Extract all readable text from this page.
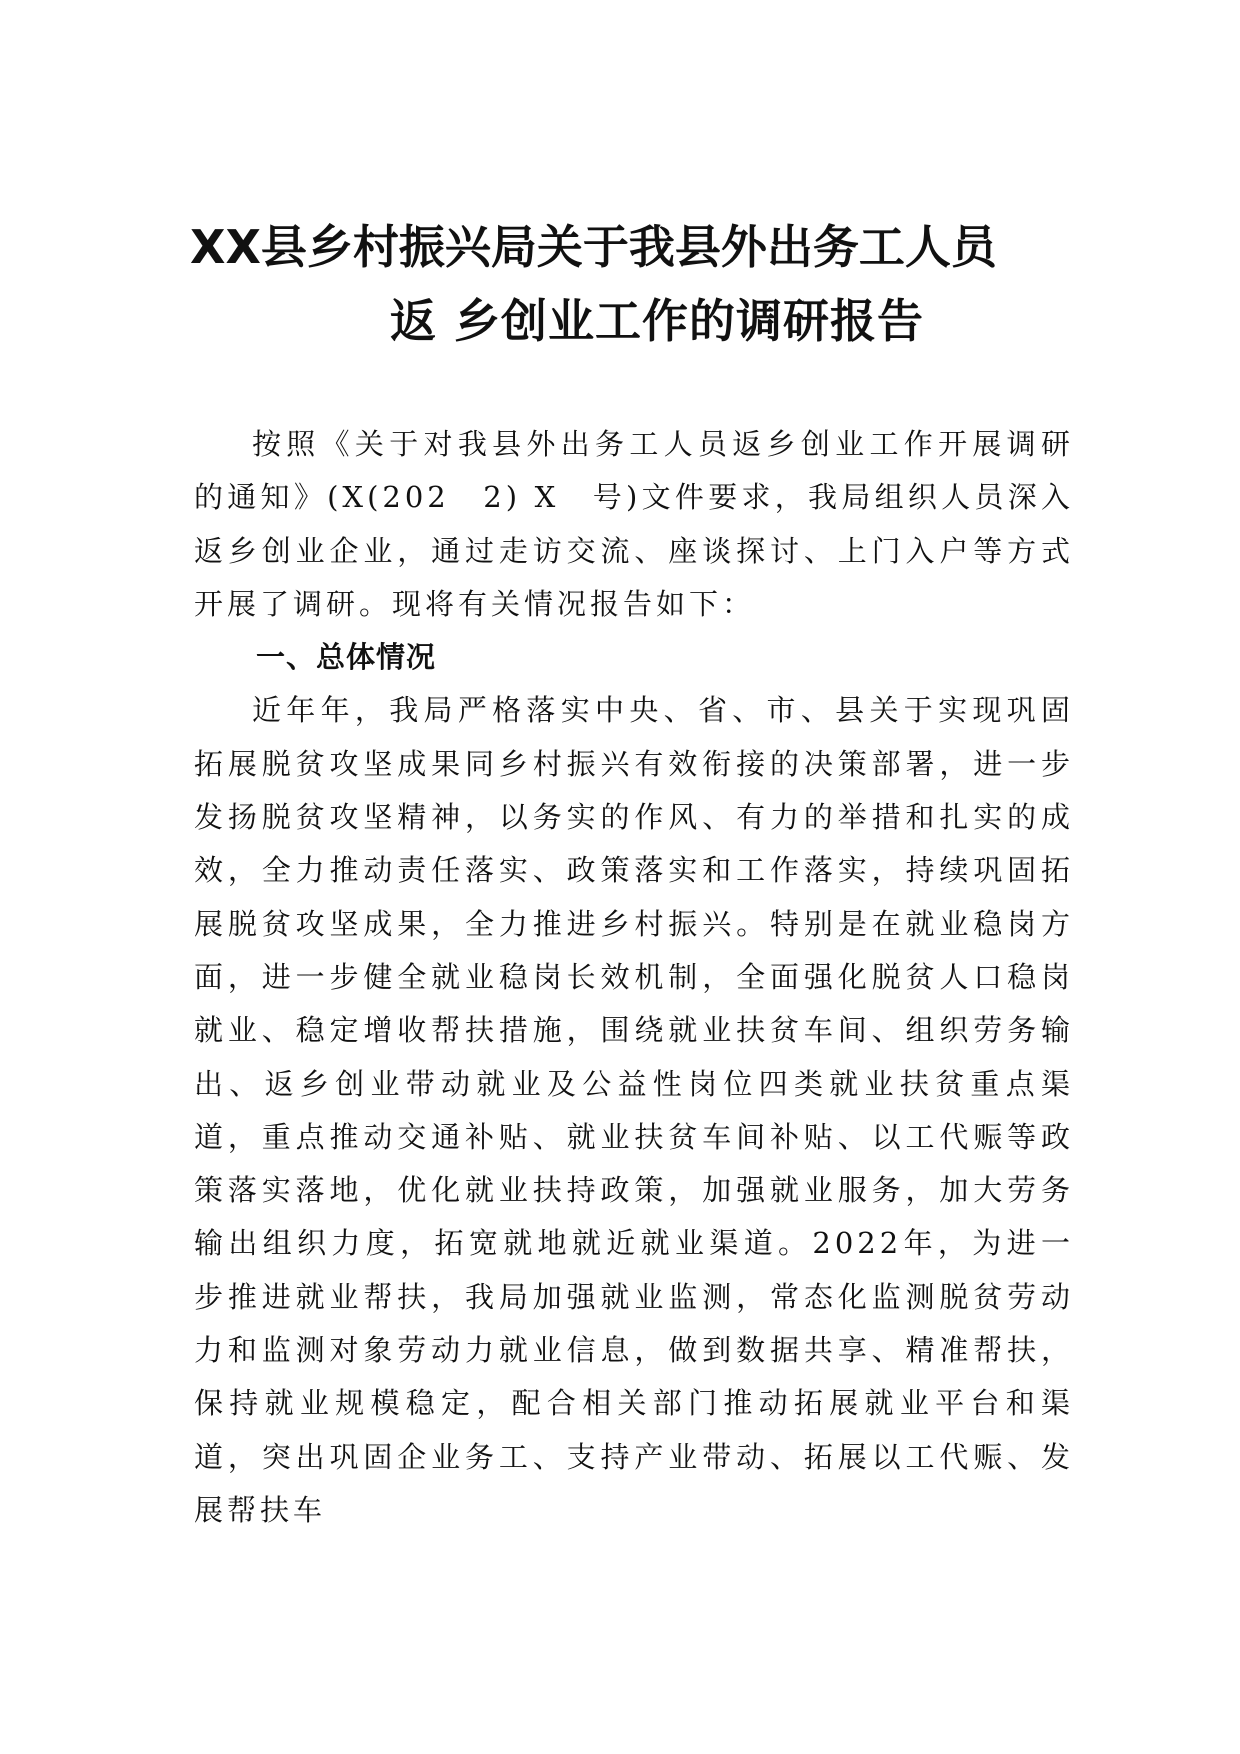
XX县乡村振兴局关于我县外出务工人员
返 乡创业工作的调研报告

按照《关于对我县外出务工人员返乡创业工作开展调研的通知》(X(202　2) X　号)文件要求，我局组织人员深入返乡创业企业，通过走访交流、座谈探讨、上门入户等方式开展了调研。现将有关情况报告如下：

一、总体情况

近年年，我局严格落实中央、省、市、县关于实现巩固拓展脱贫攻坚成果同乡村振兴有效衔接的决策部署，进一步发扬脱贫攻坚精神，以务实的作风、有力的举措和扎实的成效，全力推动责任落实、政策落实和工作落实，持续巩固拓展脱贫攻坚成果，全力推进乡村振兴。特别是在就业稳岗方面，进一步健全就业稳岗长效机制，全面强化脱贫人口稳岗就业、稳定增收帮扶措施，围绕就业扶贫车间、组织劳务输出、返乡创业带动就业及公益性岗位四类就业扶贫重点渠道，重点推动交通补贴、就业扶贫车间补贴、以工代赈等政策落实落地，优化就业扶持政策，加强就业服务，加大劳务输出组织力度，拓宽就地就近就业渠道。2022年，为进一步推进就业帮扶，我局加强就业监测，常态化监测脱贫劳动力和监测对象劳动力就业信息，做到数据共享、精准帮扶，保持就业规模稳定，配合相关部门推动拓展就业平台和渠道，突出巩固企业务工、支持产业带动、拓展以工代赈、发展帮扶车
